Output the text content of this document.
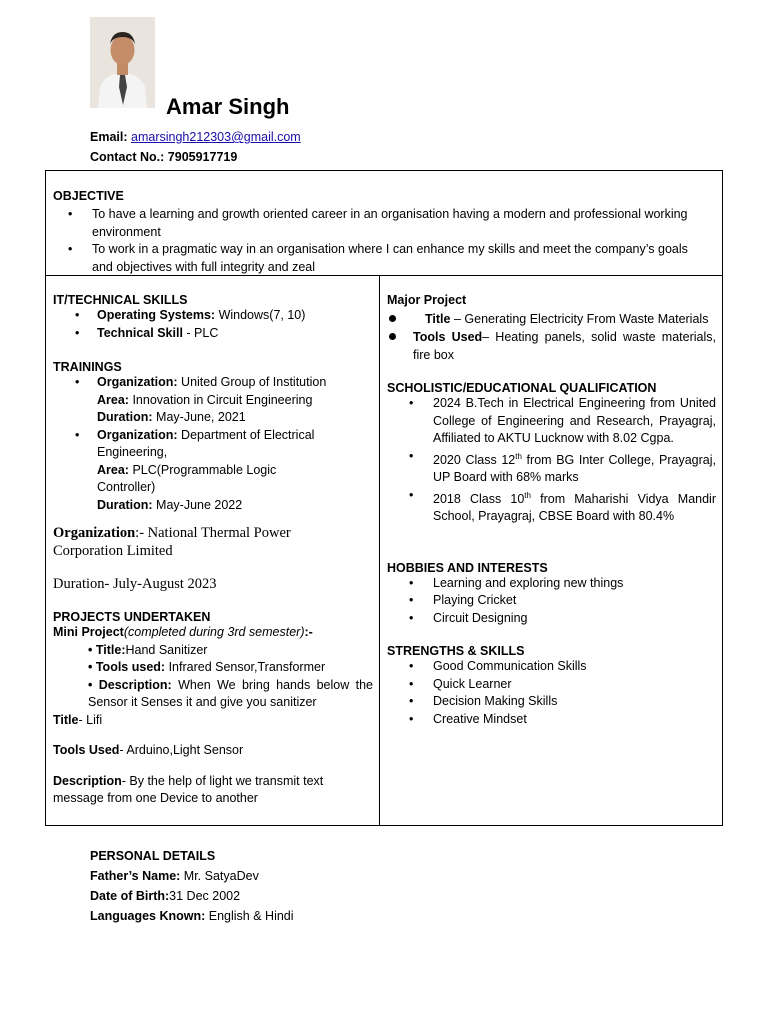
Amar Singh
Email: amarsingh212303@gmail.com
Contact No.: 7905917719
OBJECTIVE
• To have a learning and growth oriented career in an organisation having a modern and professional working environment
• To work in a pragmatic way in an organisation where I can enhance my skills and meet the company’s goals and objectives with full integrity and zeal
IT/TECHNICAL SKILLS
• Operating Systems: Windows(7, 10)
• Technical Skill - PLC
TRAININGS
• Organization: United Group of Institution
Area: Innovation in Circuit Engineering
Duration: May-June, 2021
• Organization: Department of Electrical Engineering,
Area: PLC(Programmable Logic Controller)
Duration: May-June 2022
Organization:- National Thermal Power Corporation Limited
Duration- July-August 2023
PROJECTS UNDERTAKEN
Mini Project(completed during 3rd semester):-
• Title:Hand Sanitizer
• Tools used: Infrared Sensor,Transformer
• Description: When We bring hands below the Sensor it Senses it and give you sanitizer
Title- Lifi
Tools Used- Arduino,Light Sensor
Description- By the help of light we transmit text message from one Device to another
Major Project
Title – Generating Electricity From Waste Materials
Tools Used– Heating panels, solid waste materials, fire box
SCHOLISTIC/EDUCATIONAL QUALIFICATION
• 2024 B.Tech in Electrical Engineering from United College of Engineering and Research, Prayagraj, Affiliated to AKTU Lucknow with 8.02 Cgpa.
• 2020 Class 12th from BG Inter College, Prayagraj, UP Board with 68% marks
• 2018 Class 10th from Maharishi Vidya Mandir School, Prayagraj, CBSE Board with 80.4%
HOBBIES AND INTERESTS
• Learning and exploring new things
• Playing Cricket
• Circuit Designing
STRENGTHS & SKILLS
• Good Communication Skills
• Quick Learner
• Decision Making Skills
• Creative Mindset
PERSONAL DETAILS
Father’s Name: Mr. SatyaDev
Date of Birth:31 Dec 2002
Languages Known: English & Hindi
